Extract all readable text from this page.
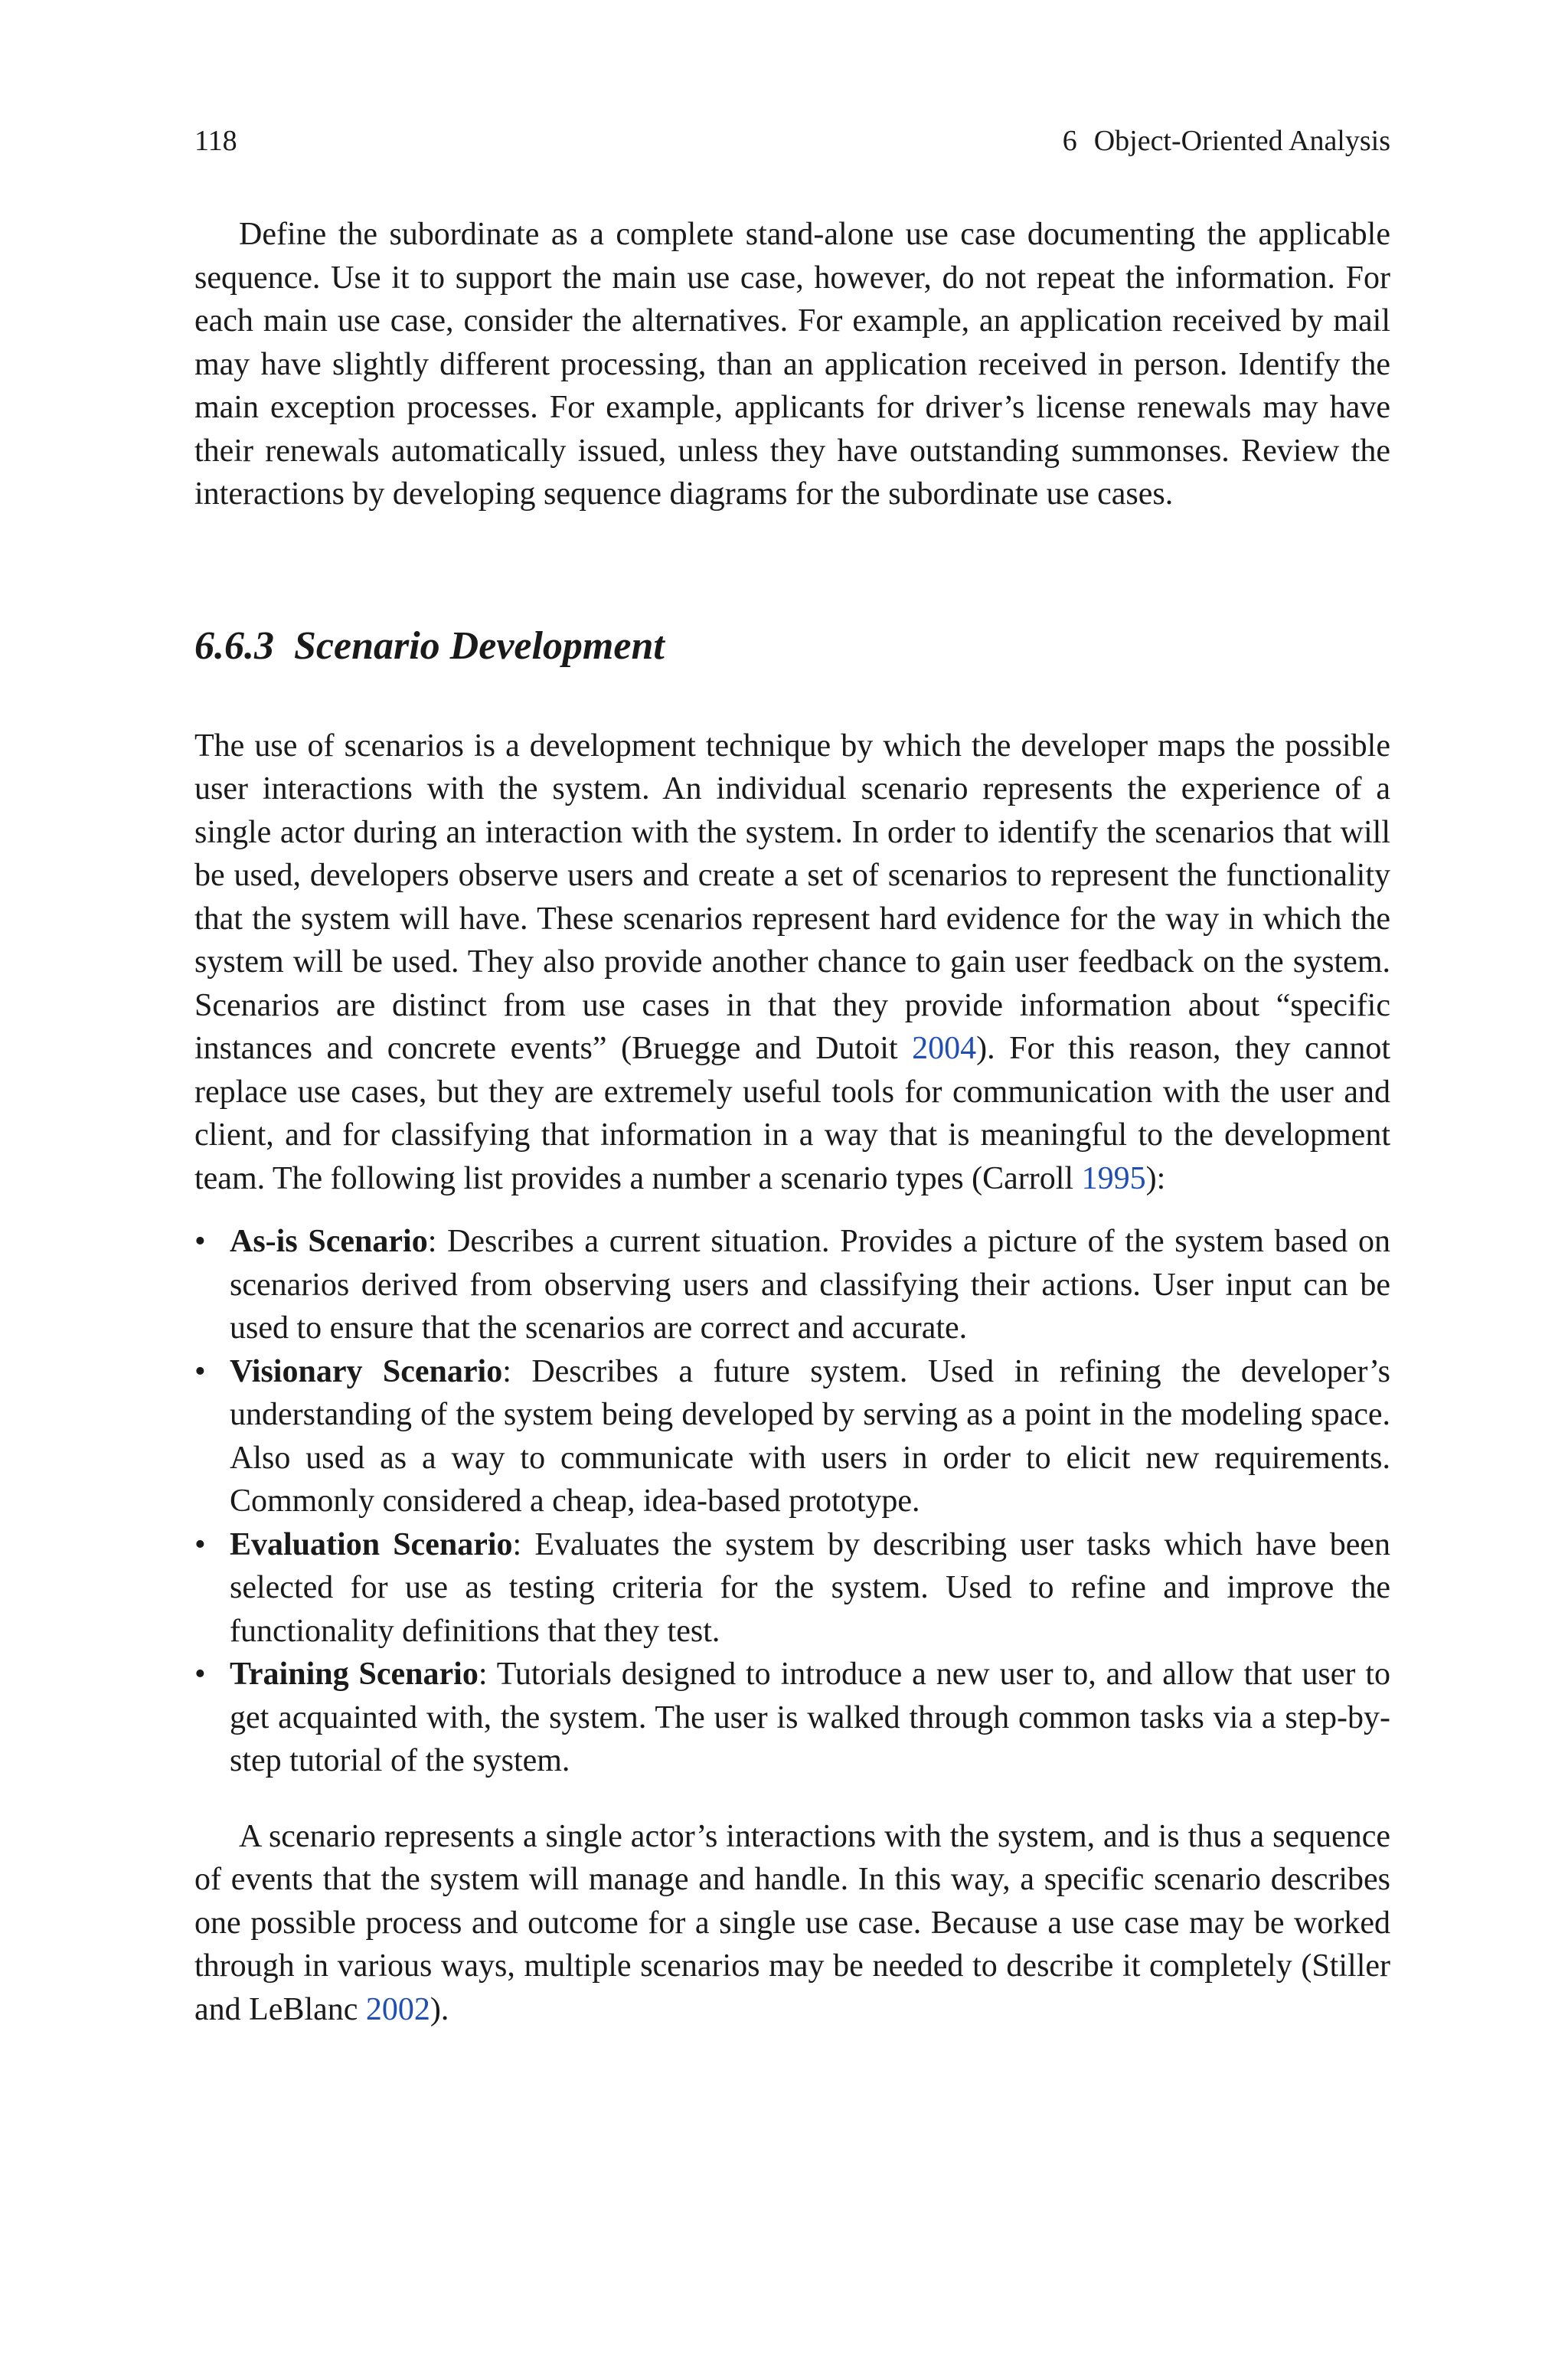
118	6 Object-Oriented Analysis

Define the subordinate as a complete stand-alone use case documenting the applicable sequence. Use it to support the main use case, however, do not repeat the information. For each main use case, consider the alternatives. For example, an application received by mail may have slightly different processing, than an application received in person. Identify the main exception processes. For example, applicants for driver’s license renewals may have their renewals automatically issued, unless they have outstanding summonses. Review the interactions by developing sequence diagrams for the subordinate use cases.

6.6.3 Scenario Development

The use of scenarios is a development technique by which the developer maps the possible user interactions with the system. An individual scenario represents the experience of a single actor during an interaction with the system. In order to identify the scenarios that will be used, developers observe users and create a set of scenarios to represent the functionality that the system will have. These scenarios represent hard evidence for the way in which the system will be used. They also provide another chance to gain user feedback on the system. Scenarios are distinct from use cases in that they provide information about “specific instances and concrete events” (Bruegge and Dutoit 2004). For this reason, they cannot replace use cases, but they are extremely useful tools for communication with the user and client, and for classifying that information in a way that is meaningful to the development team. The following list provides a number a scenario types (Carroll 1995):

• As-is Scenario: Describes a current situation. Provides a picture of the system based on scenarios derived from observing users and classifying their actions. User input can be used to ensure that the scenarios are correct and accurate.
• Visionary Scenario: Describes a future system. Used in refining the developer’s understanding of the system being developed by serving as a point in the modeling space. Also used as a way to communicate with users in order to elicit new requirements. Commonly considered a cheap, idea-based prototype.
• Evaluation Scenario: Evaluates the system by describing user tasks which have been selected for use as testing criteria for the system. Used to refine and improve the functionality definitions that they test.
• Training Scenario: Tutorials designed to introduce a new user to, and allow that user to get acquainted with, the system. The user is walked through common tasks via a step-by-step tutorial of the system.

A scenario represents a single actor’s interactions with the system, and is thus a sequence of events that the system will manage and handle. In this way, a specific scenario describes one possible process and outcome for a single use case. Because a use case may be worked through in various ways, multiple scenarios may be needed to describe it completely (Stiller and LeBlanc 2002).
